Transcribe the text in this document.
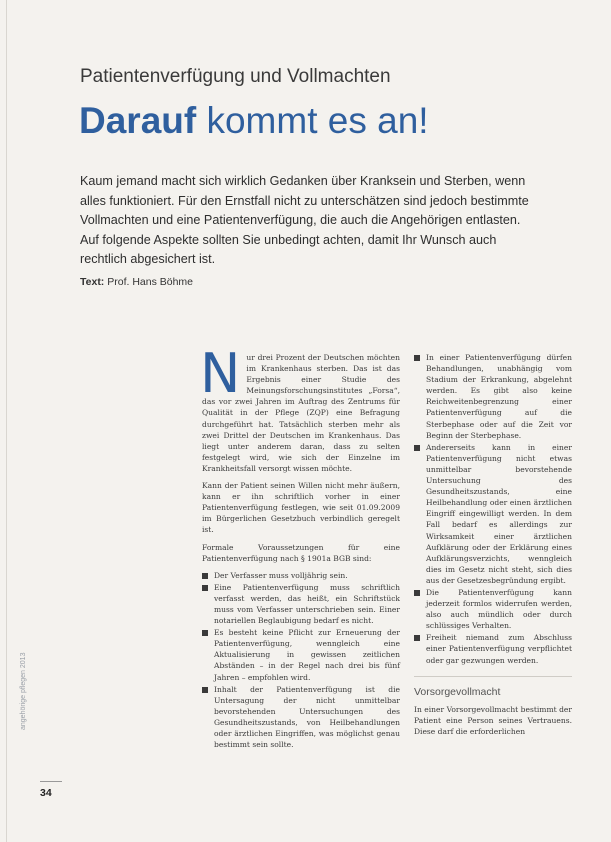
Patientenverfügung und Vollmachten
Darauf kommt es an!
Kaum jemand macht sich wirklich Gedanken über Kranksein und Sterben, wenn alles funktioniert. Für den Ernstfall nicht zu unterschätzen sind jedoch bestimmte Vollmachten und eine Patientenverfügung, die auch die Angehörigen entlasten. Auf folgende Aspekte sollten Sie unbedingt achten, damit Ihr Wunsch auch rechtlich abgesichert ist.
Text: Prof. Hans Böhme

Nur drei Prozent der Deutschen möchten im Krankenhaus sterben. Das ist das Ergebnis einer Studie des Meinungsforschungsinstitutes „Forsa“, das vor zwei Jahren im Auftrag des Zentrums für Qualität in der Pflege (ZQP) eine Befragung durchgeführt hat. Tatsächlich sterben mehr als zwei Drittel der Deutschen im Krankenhaus. Das liegt unter anderem daran, dass zu selten festgelegt wird, wie sich der Einzelne im Krankheitsfall versorgt wissen möchte.

Kann der Patient seinen Willen nicht mehr äußern, kann er ihn schriftlich vorher in einer Patientenverfügung festlegen, wie seit 01.09.2009 im Bürgerlichen Gesetzbuch verbindlich geregelt ist.

Formale Voraussetzungen für eine Patientenverfügung nach § 1901a BGB sind:

Der Verfasser muss volljährig sein.
Eine Patientenverfügung muss schriftlich verfasst werden, das heißt, ein Schriftstück muss vom Verfasser unterschrieben sein. Einer notariellen Beglaubigung bedarf es nicht.
Es besteht keine Pflicht zur Erneuerung der Patientenverfügung, wenngleich eine Aktualisierung in gewissen zeitlichen Abständen – in der Regel nach drei bis fünf Jahren – empfohlen wird.
Inhalt der Patientenverfügung ist die Untersagung der nicht unmittelbar bevorstehenden Untersuchungen des Gesundheitszustands, von Heilbehandlungen oder ärztlichen Eingriffen, was möglichst genau bestimmt sein sollte.
In einer Patientenverfügung dürfen Behandlungen, unabhängig vom Stadium der Erkrankung, abgelehnt werden. Es gibt also keine Reichweitenbegrenzung einer Patientenverfügung auf die Sterbephase oder auf die Zeit vor Beginn der Sterbephase.
Andererseits kann in einer Patientenverfügung nicht etwas unmittelbar bevorstehende Untersuchung des Gesundheitszustands, eine Heilbehandlung oder einen ärztlichen Eingriff eingewilligt werden. In dem Fall bedarf es allerdings zur Wirksamkeit einer ärztlichen Aufklärung oder der Erklärung eines Aufklärungsverzichts, wenngleich dies im Gesetz nicht steht, sich dies aus der Gesetzesbegründung ergibt.
Die Patientenverfügung kann jederzeit formlos widerrufen werden, also auch mündlich oder durch schlüssiges Verhalten.
Freiheit niemand zum Abschluss einer Patientenverfügung verpflichtet oder gar gezwungen werden.
Vorsorgevollmacht

In einer Vorsorgevollmacht bestimmt der Patient eine Person seines Vertrauens. Diese darf die erforderlichen

angehörige pflegen 2013
34
